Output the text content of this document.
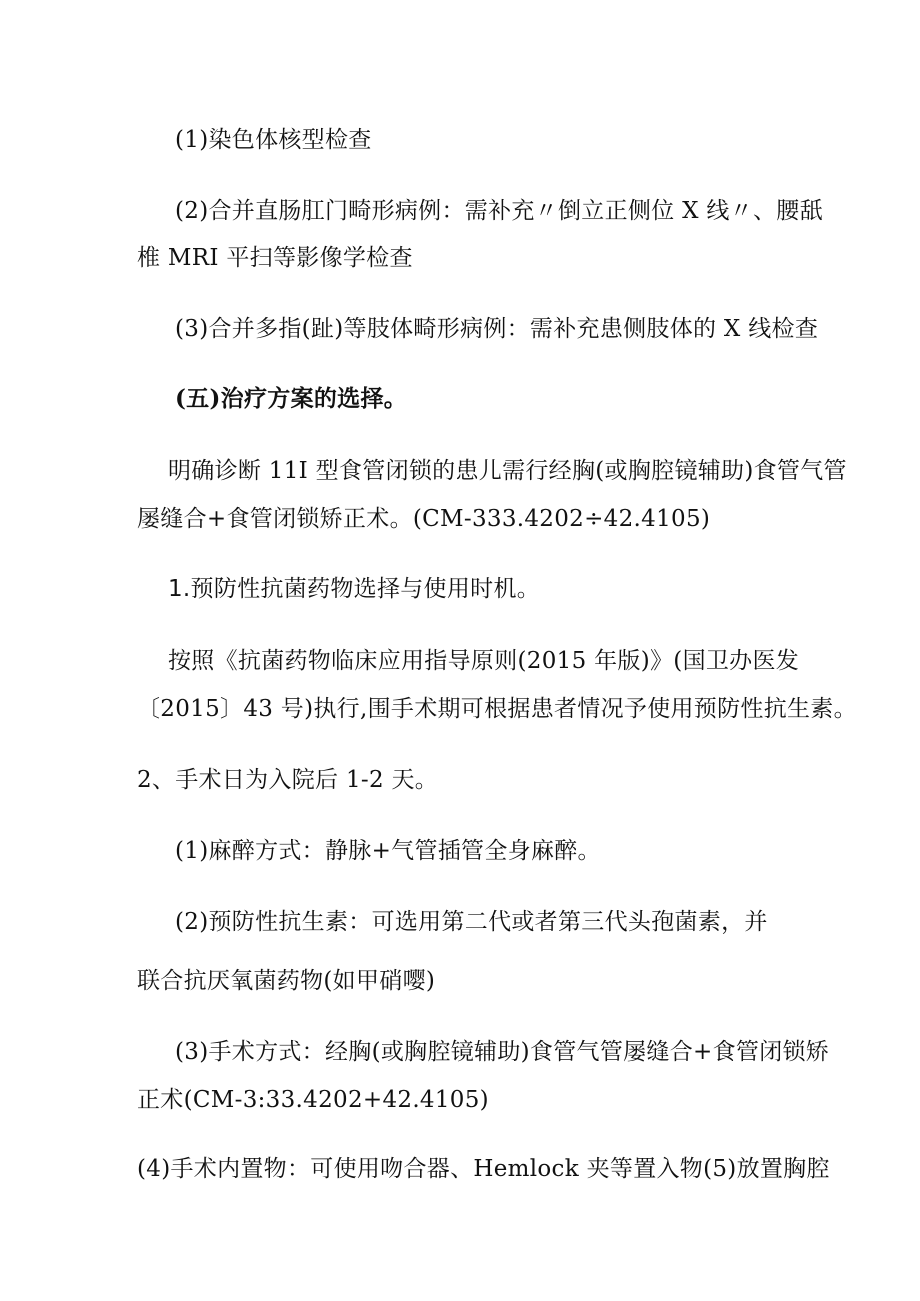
(1)染色体核型检查
(2)合并直肠肛门畸形病例：需补充〃倒立正侧位 X 线〃、腰舐
椎 MRI 平扫等影像学检查
(3)合并多指(趾)等肢体畸形病例：需补充患侧肢体的 X 线检查
(五)治疗方案的选择。
明确诊断 11I 型食管闭锁的患儿需行经胸(或胸腔镜辅助)食管气管
屡缝合+食管闭锁矫正术。(CM-333.4202÷42.4105)
1.预防性抗菌药物选择与使用时机。
按照《抗菌药物临床应用指导原则(2015 年版)》(国卫办医发
〔2015〕43 号)执行,围手术期可根据患者情况予使用预防性抗生素。
2、手术日为入院后 1-2 天。
(1)麻醉方式：静脉+气管插管全身麻醉。
(2)预防性抗生素：可选用第二代或者第三代头孢菌素，并
联合抗厌氧菌药物(如甲硝嘤)
(3)手术方式：经胸(或胸腔镜辅助)食管气管屡缝合+食管闭锁矫
正术(CM-3:33.4202+42.4105)
(4)手术内置物：可使用吻合器、Hemlock 夹等置入物(5)放置胸腔
